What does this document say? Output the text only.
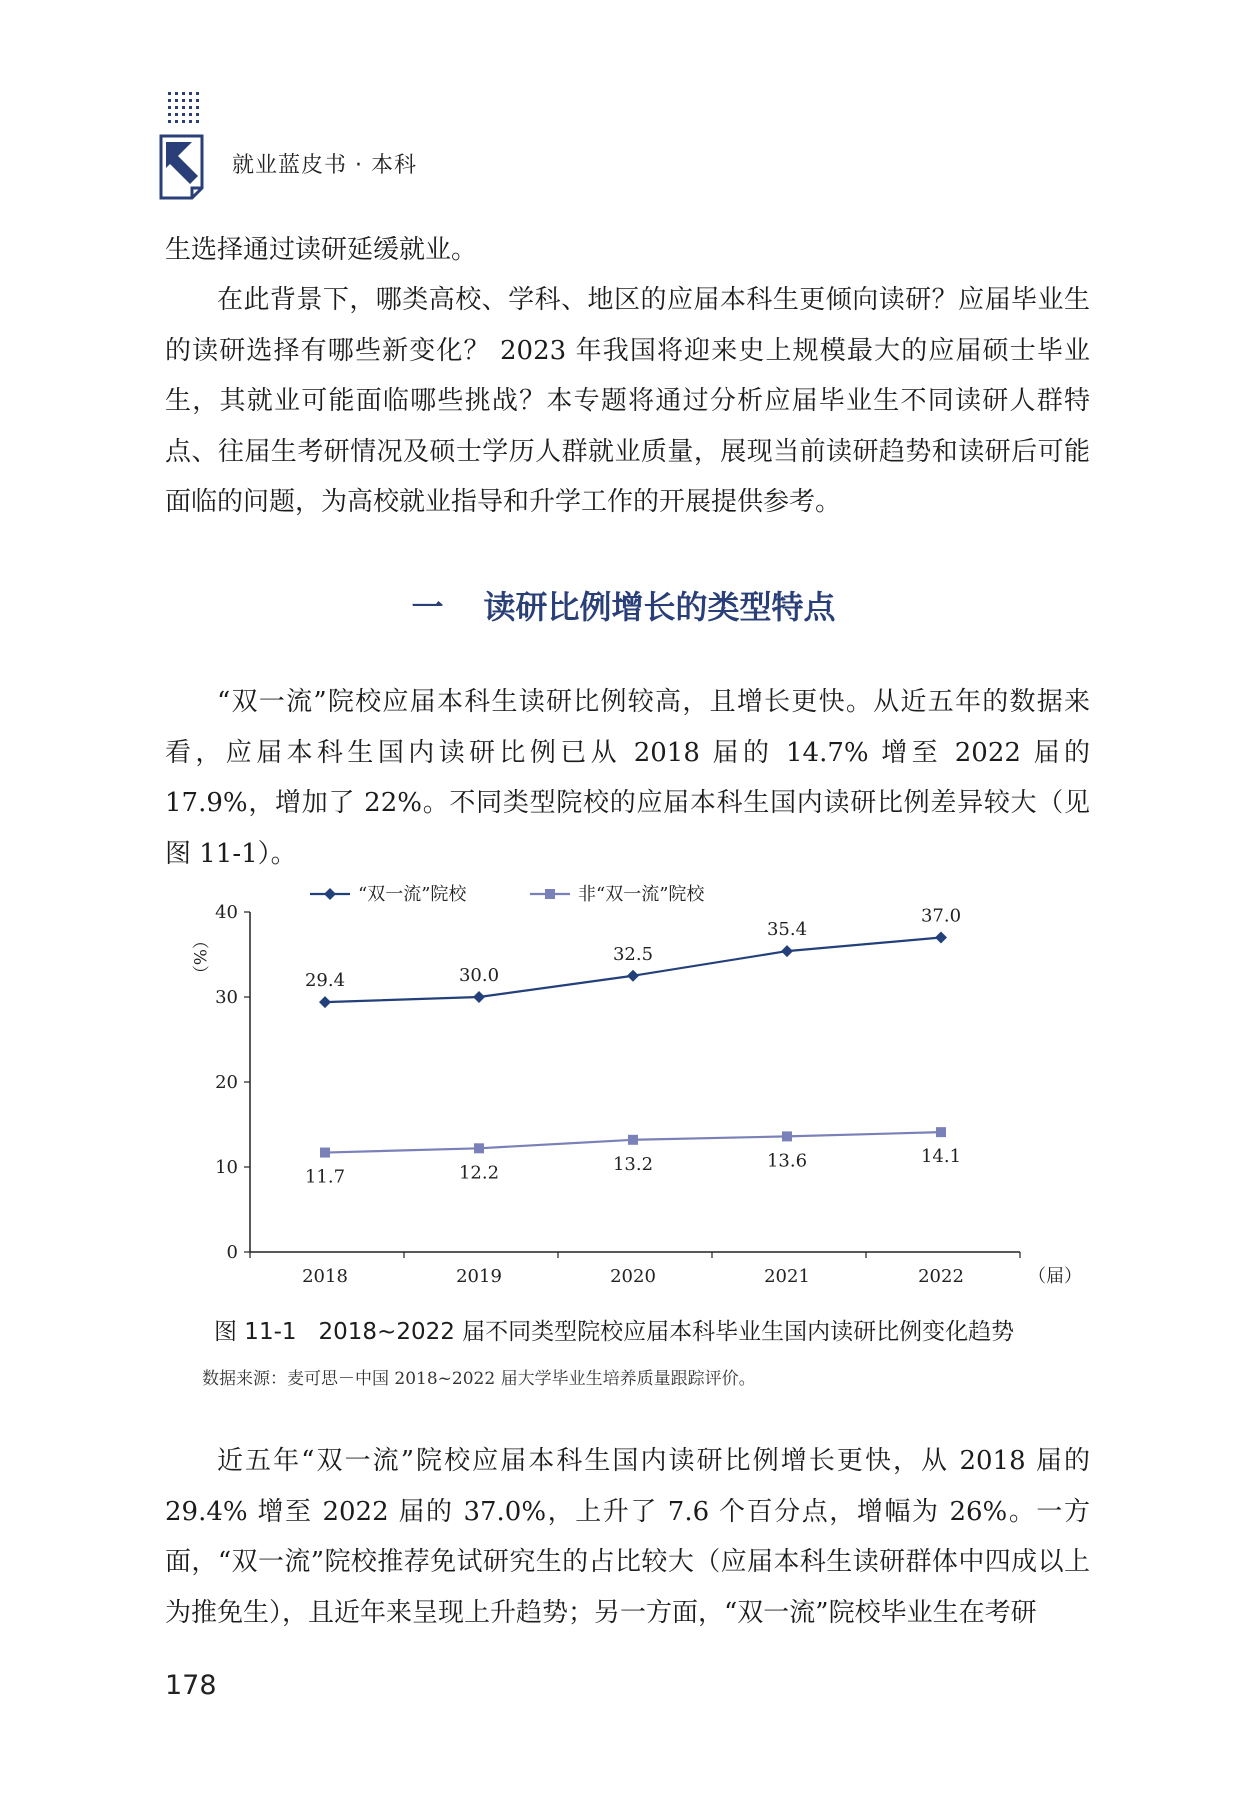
就业蓝皮书 · 本科

生选择通过读研延缓就业。

在此背景下，哪类高校、学科、地区的应届本科生更倾向读研？应届毕业生的读研选择有哪些新变化？ 2023 年我国将迎来史上规模最大的应届硕士毕业生，其就业可能面临哪些挑战？本专题将通过分析应届毕业生不同读研人群特点、往届生考研情况及硕士学历人群就业质量，展现当前读研趋势和读研后可能面临的问题，为高校就业指导和升学工作的开展提供参考。

一 读研比例增长的类型特点

“双一流”院校应届本科生读研比例较高，且增长更快。从近五年的数据来看，应届本科生国内读研比例已从 2018 届的 14.7% 增至 2022 届的 17.9%，增加了 22%。不同类型院校的应届本科生国内读研比例差异较大（见图 11-1）。

0
10
20
30
40
2018	2019	2020	2021	2022
（%）
（届）
29.4	30.0
32.5
35.4
37.0
11.7	12.2	13.2	13.6	14.1
“双一流”院校	非“双一流”院校
图 11-1 2018~2022 届不同类型院校应届本科毕业生国内读研比例变化趋势
数据来源：麦可思－中国 2018~2022 届大学毕业生培养质量跟踪评价。

近五年“双一流”院校应届本科生国内读研比例增长更快，从 2018 届的 29.4% 增至 2022 届的 37.0%，上升了 7.6 个百分点，增幅为 26%。一方面，“双一流”院校推荐免试研究生的占比较大（应届本科生读研群体中四成以上为推免生），且近年来呈现上升趋势；另一方面，“双一流”院校毕业生在考研

178
